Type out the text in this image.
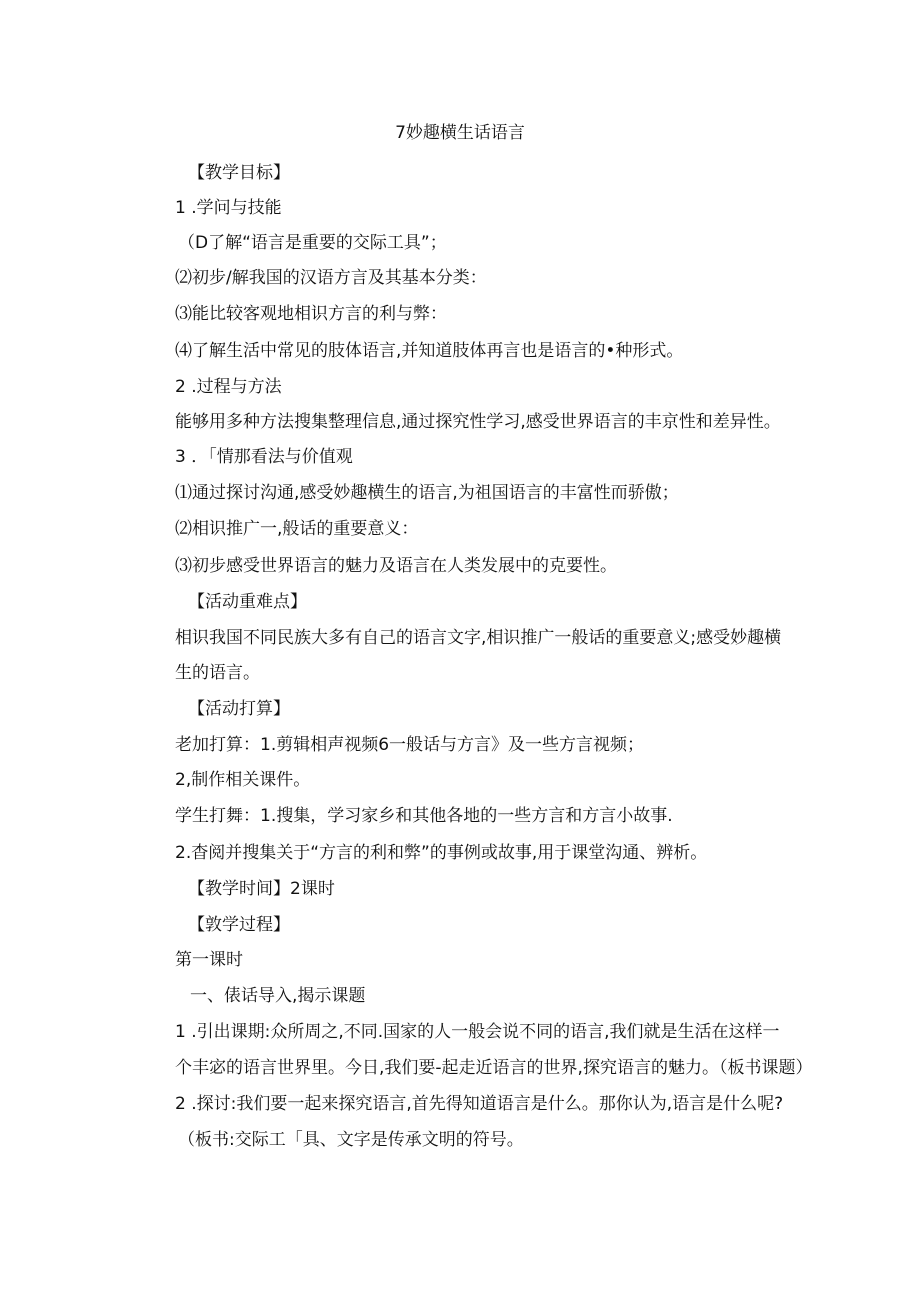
7妙趣横生话语言
【教学目标】
1 .学问与技能
（D了解“语言是重要的交际工具”；
⑵初步/解我国的汉语方言及其基本分类：
⑶能比较客观地相识方言的利与弊：
⑷了解生活中常见的肢体语言,并知道肢体再言也是语言的•种形式。
2 .过程与方法
能够用多种方法搜集整理信息,通过探究性学习,感受世界语言的丰京性和差异性。
3 ．「情那看法与价值观
⑴通过探讨沟通,感受妙趣横生的语言,为祖国语言的丰富性而骄傲；
⑵相识推广一,般话的重要意义：
⑶初步感受世界语言的魅力及语言在人类发展中的克要性。
【活动重难点】
相识我国不同民族大多有自己的语言文字,相识推广一般话的重要意义;感受妙趣横
生的语言。
【活动打算】
老加打算：1.剪辑相声视频6一般话与方言》及一些方言视频；
2,制作相关课件。
学生打舞：1.搜集，学习家乡和其他各地的一些方言和方言小故事.
2.杳阅并搜集关于“方言的利和弊”的事例或故事,用于课堂沟通、辨析。
【教学时间】2课时
【敦学过程】
第一课时
一、俵话导入,揭示课题
1 .引出课期:众所周之,不同.国家的人一般会说不同的语言,我们就是生活在这样一
个丰宓的语言世界里。今日,我们要-起走近语言的世界,探究语言的魅力。（板书课题）
2 .探讨:我们要一起来探究语言,首先得知道语言是什么。那你认为,语言是什么呢?
（板书:交际工「具、文字是传承文明的符号。
